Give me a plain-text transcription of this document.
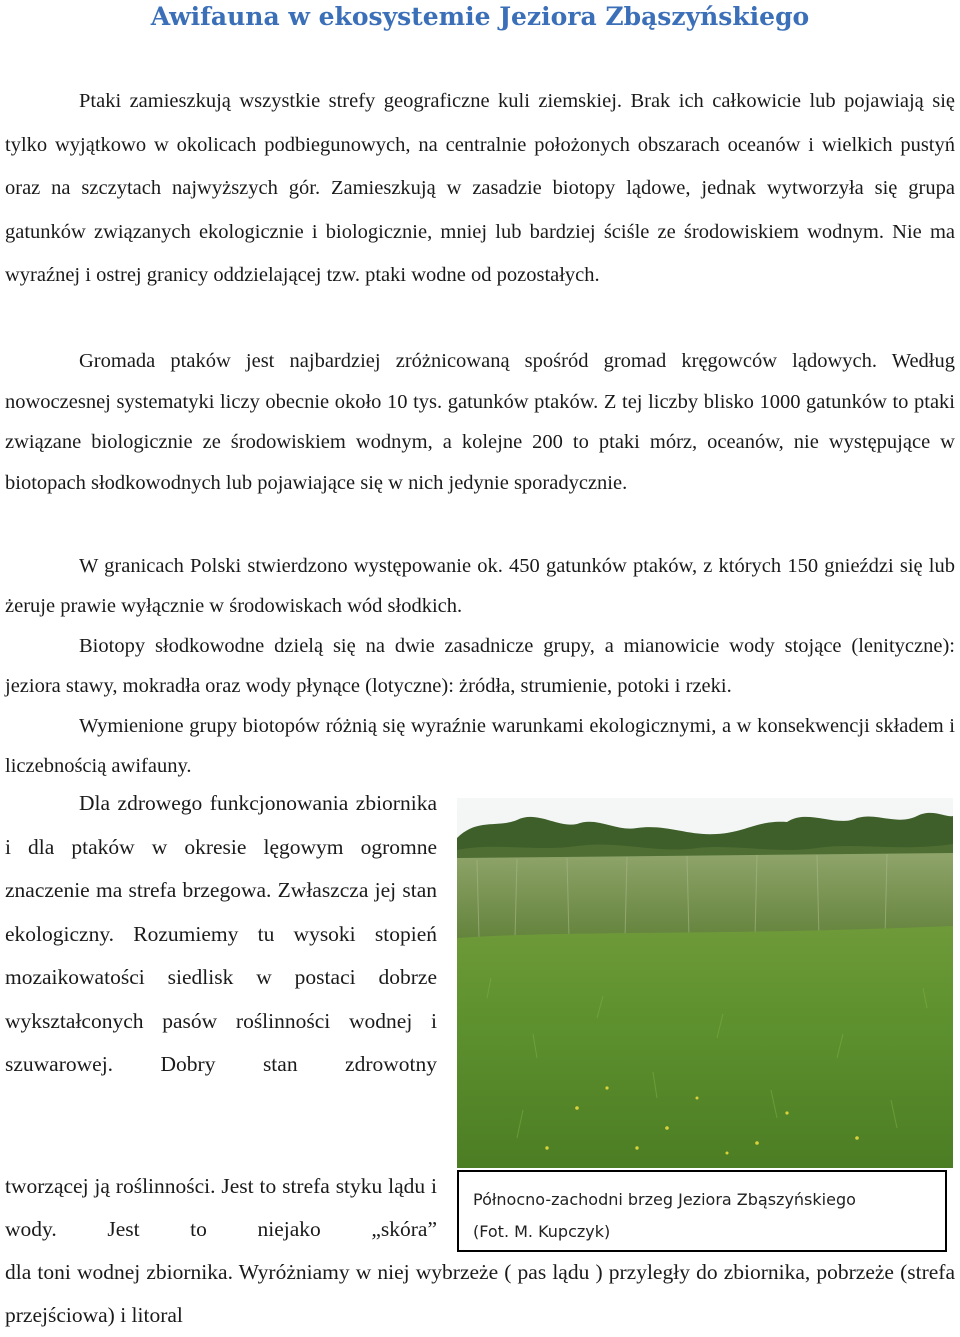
Awifauna w ekosystemie Jeziora Zbąszyńskiego

Ptaki zamieszkują wszystkie strefy geograficzne kuli ziemskiej. Brak ich całkowicie lub pojawiają się tylko wyjątkowo w okolicach podbiegunowych, na centralnie położonych obszarach oceanów i wielkich pustyń oraz na szczytach najwyższych gór. Zamieszkują w zasadzie biotopy lądowe, jednak wytworzyła się grupa gatunków związanych ekologicznie i biologicznie, mniej lub bardziej ściśle ze środowiskiem wodnym. Nie ma wyraźnej i ostrej granicy oddzielającej tzw. ptaki wodne od pozostałych.

Gromada ptaków jest najbardziej zróżnicowaną spośród gromad kręgowców lądowych. Według nowoczesnej systematyki liczy obecnie około 10 tys. gatunków ptaków. Z tej liczby blisko 1000 gatunków to ptaki związane biologicznie ze środowiskiem wodnym, a kolejne 200 to ptaki mórz, oceanów, nie występujące w biotopach słodkowodnych lub pojawiające się w nich jedynie sporadycznie.

W granicach Polski stwierdzono występowanie ok. 450 gatunków ptaków, z których 150 gnieździ się lub żeruje prawie wyłącznie w środowiskach wód słodkich.

Biotopy słodkowodne dzielą się na dwie zasadnicze grupy, a mianowicie wody stojące (lenityczne): jeziora stawy, mokradła oraz wody płynące (lotyczne): żródła, strumienie, potoki i rzeki.

Wymienione grupy biotopów różnią się wyraźnie warunkami ekologicznymi, a w konsekwencji składem i liczebnością awifauny.

Dla zdrowego funkcjonowania zbiornika i dla ptaków w okresie lęgowym ogromne znaczenie ma strefa brzegowa. Zwłaszcza jej stan ekologiczny. Rozumiemy tu wysoki stopień mozaikowatości siedlisk w postaci dobrze wykształconych pasów roślinności wodnej i szuwarowej. Dobry stan zdrowotny

tworzącej ją roślinności. Jest to strefa styku lądu i wody. Jest to niejako „skóra”

dla toni wodnej zbiornika. Wyróżniamy w niej wybrzeże ( pas lądu ) przyległy do zbiornika, pobrzeże (strefa przejściowa) i litoral

Północno-zachodni brzeg Jeziora Zbąszyńskiego
(Fot. M. Kupczyk)
